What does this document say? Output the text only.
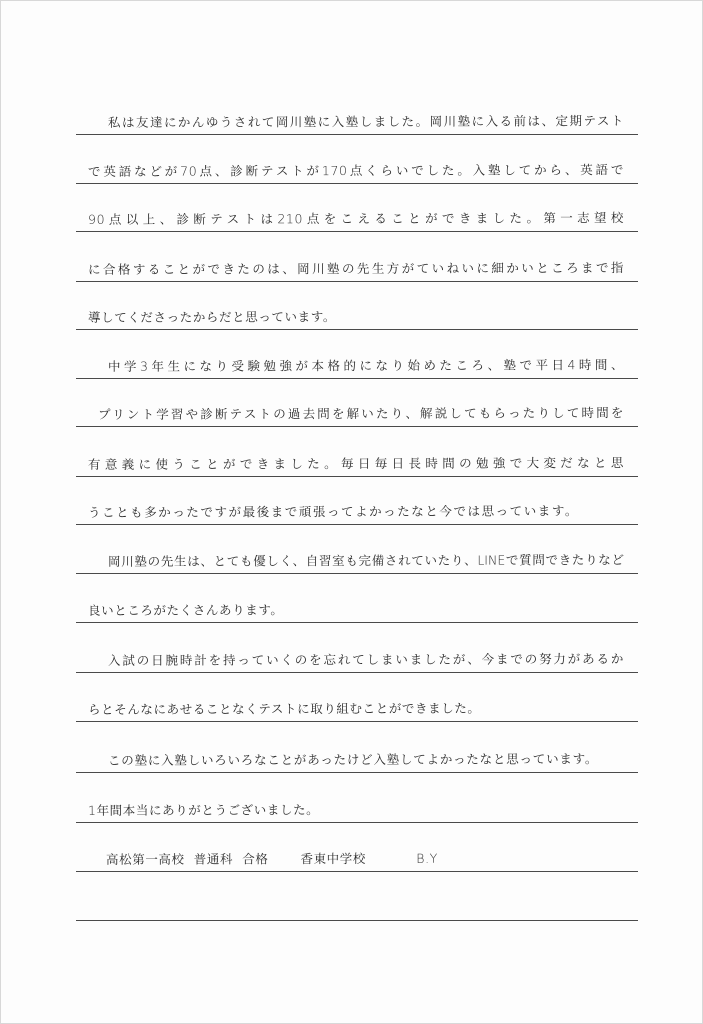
私は友達にかんゆうされて岡川塾に入塾しました。岡川塾に入る前は、定期テスト
で英語などが70点、診断テストが170点くらいでした。入塾してから、英語で
90点以上、診断テストは210点をこえることができました。第一志望校
に合格することができたのは、岡川塾の先生方がていねいに細かいところまで指
導してくださったからだと思っています。
中学3年生になり受験勉強が本格的になり始めたころ、塾で平日4時間、
プリント学習や診断テストの過去問を解いたり、解説してもらったりして時間を
有意義に使うことができました。毎日毎日長時間の勉強で大変だなと思
うことも多かったですが最後まで頑張ってよかったなと今では思っています。
岡川塾の先生は、とても優しく、自習室も完備されていたり、LINEで質問できたりなど
良いところがたくさんあります。
入試の日腕時計を持っていくのを忘れてしまいましたが、今までの努力があるか
らとそんなにあせることなくテストに取り組むことができました。
この塾に入塾しいろいろなことがあったけど入塾してよかったなと思っています。
1年間本当にありがとうございました。
高松第一高校 普通科 合格	香東中学校	B.Y
